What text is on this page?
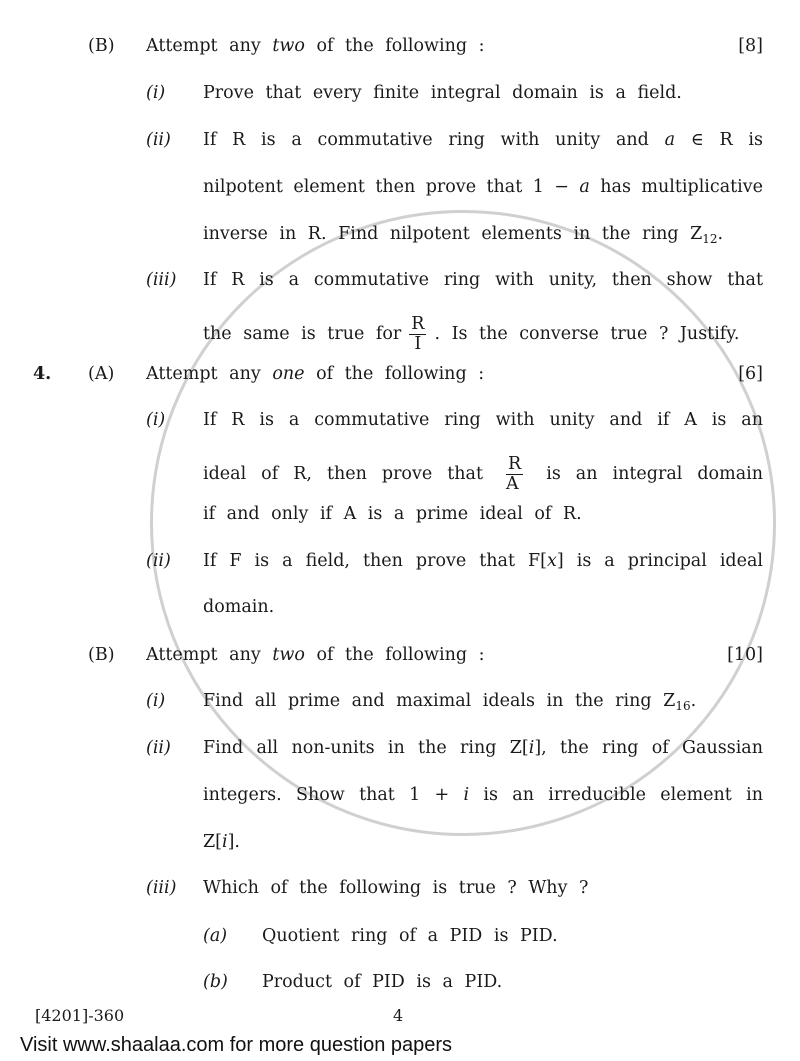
(B) Attempt any two of the following :	[8]
(i) Prove that every finite integral domain is a field.
(ii) If R is a commutative ring with unity and a ∈ R is
nilpotent element then prove that 1 − a has multiplicative
inverse in R. Find nilpotent elements in the ring $Z_{12}$.
(iii) If R is a commutative ring with unity, then show that
the same is true for $\frac{R}{I}$ . Is the converse true ? Justify.
4. (A) Attempt any one of the following :	[6]
(i) If R is a commutative ring with unity and if A is an
ideal of R, then prove that $\frac{R}{A}$ is an integral domain
if and only if A is a prime ideal of R.
(ii) If F is a field, then prove that F[x] is a principal ideal
domain.
(B) Attempt any two of the following :	[10]
(i) Find all prime and maximal ideals in the ring $Z_{16}$.
(ii) Find all non-units in the ring Z[i], the ring of Gaussian
integers. Show that 1 + i is an irreducible element in
Z[i].
(iii) Which of the following is true ? Why ?
(a) Quotient ring of a PID is PID.
(b) Product of PID is a PID.
[4201]-360	4
Visit www.shaalaa.com for more question papers
